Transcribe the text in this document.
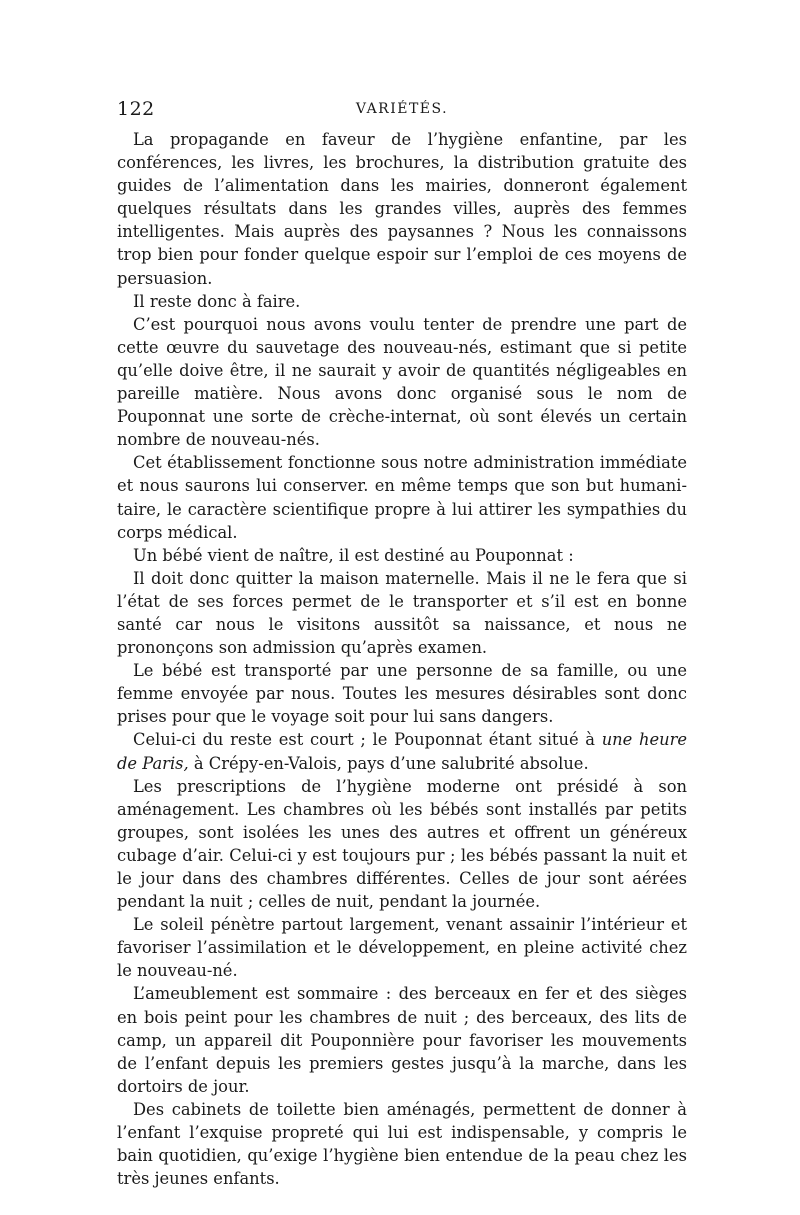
122	VARIÉTÉS.

La propagande en faveur de l’hygiène enfantine, par les conférences, les livres, les brochures, la distribution gratuite des guides de l’alimentation dans les mairies, donneront également quelques résultats dans les grandes villes, auprès des femmes intelligentes. Mais auprès des paysannes ? Nous les connaissons trop bien pour fonder quelque espoir sur l’emploi de ces moyens de persuasion.

Il reste donc à faire.

C’est pourquoi nous avons voulu tenter de prendre une part de cette œuvre du sauvetage des nouveau-nés, estimant que si petite qu’elle doive être, il ne saurait y avoir de quantités négligeables en pareille matière. Nous avons donc organisé sous le nom de Pouponnat une sorte de crèche-internat, où sont élevés un certain nombre de nouveau-nés.

Cet établissement fonctionne sous notre administration immédiate et nous saurons lui conserver. en même temps que son but humanitaire, le caractère scientifique propre à lui attirer les sympathies du corps médical.

Un bébé vient de naître, il est destiné au Pouponnat :

Il doit donc quitter la maison maternelle. Mais il ne le fera que si l’état de ses forces permet de le transporter et s’il est en bonne santé car nous le visitons aussitôt sa naissance, et nous ne prononçons son admission qu’après examen.

Le bébé est transporté par une personne de sa famille, ou une femme envoyée par nous. Toutes les mesures désirables sont donc prises pour que le voyage soit pour lui sans dangers.

Celui-ci du reste est court ; le Pouponnat étant situé à une heure de Paris, à Crépy-en-Valois, pays d’une salubrité absolue.

Les prescriptions de l’hygiène moderne ont présidé à son aménagement. Les chambres où les bébés sont installés par petits groupes, sont isolées les unes des autres et offrent un généreux cubage d’air. Celui-ci y est toujours pur ; les bébés passant la nuit et le jour dans des chambres différentes. Celles de jour sont aérées pendant la nuit ; celles de nuit, pendant la journée.

Le soleil pénètre partout largement, venant assainir l’intérieur et favoriser l’assimilation et le développement, en pleine activité chez le nouveau-né.

L’ameublement est sommaire : des berceaux en fer et des sièges en bois peint pour les chambres de nuit ; des berceaux, des lits de camp, un appareil dit Pouponnière pour favoriser les mouvements de l’enfant depuis les premiers gestes jusqu’à la marche, dans les dortoirs de jour.

Des cabinets de toilette bien aménagés, permettent de donner à l’enfant l’exquise propreté qui lui est indispensable, y compris le bain quotidien, qu’exige l’hygiène bien entendue de la peau chez les très jeunes enfants.
